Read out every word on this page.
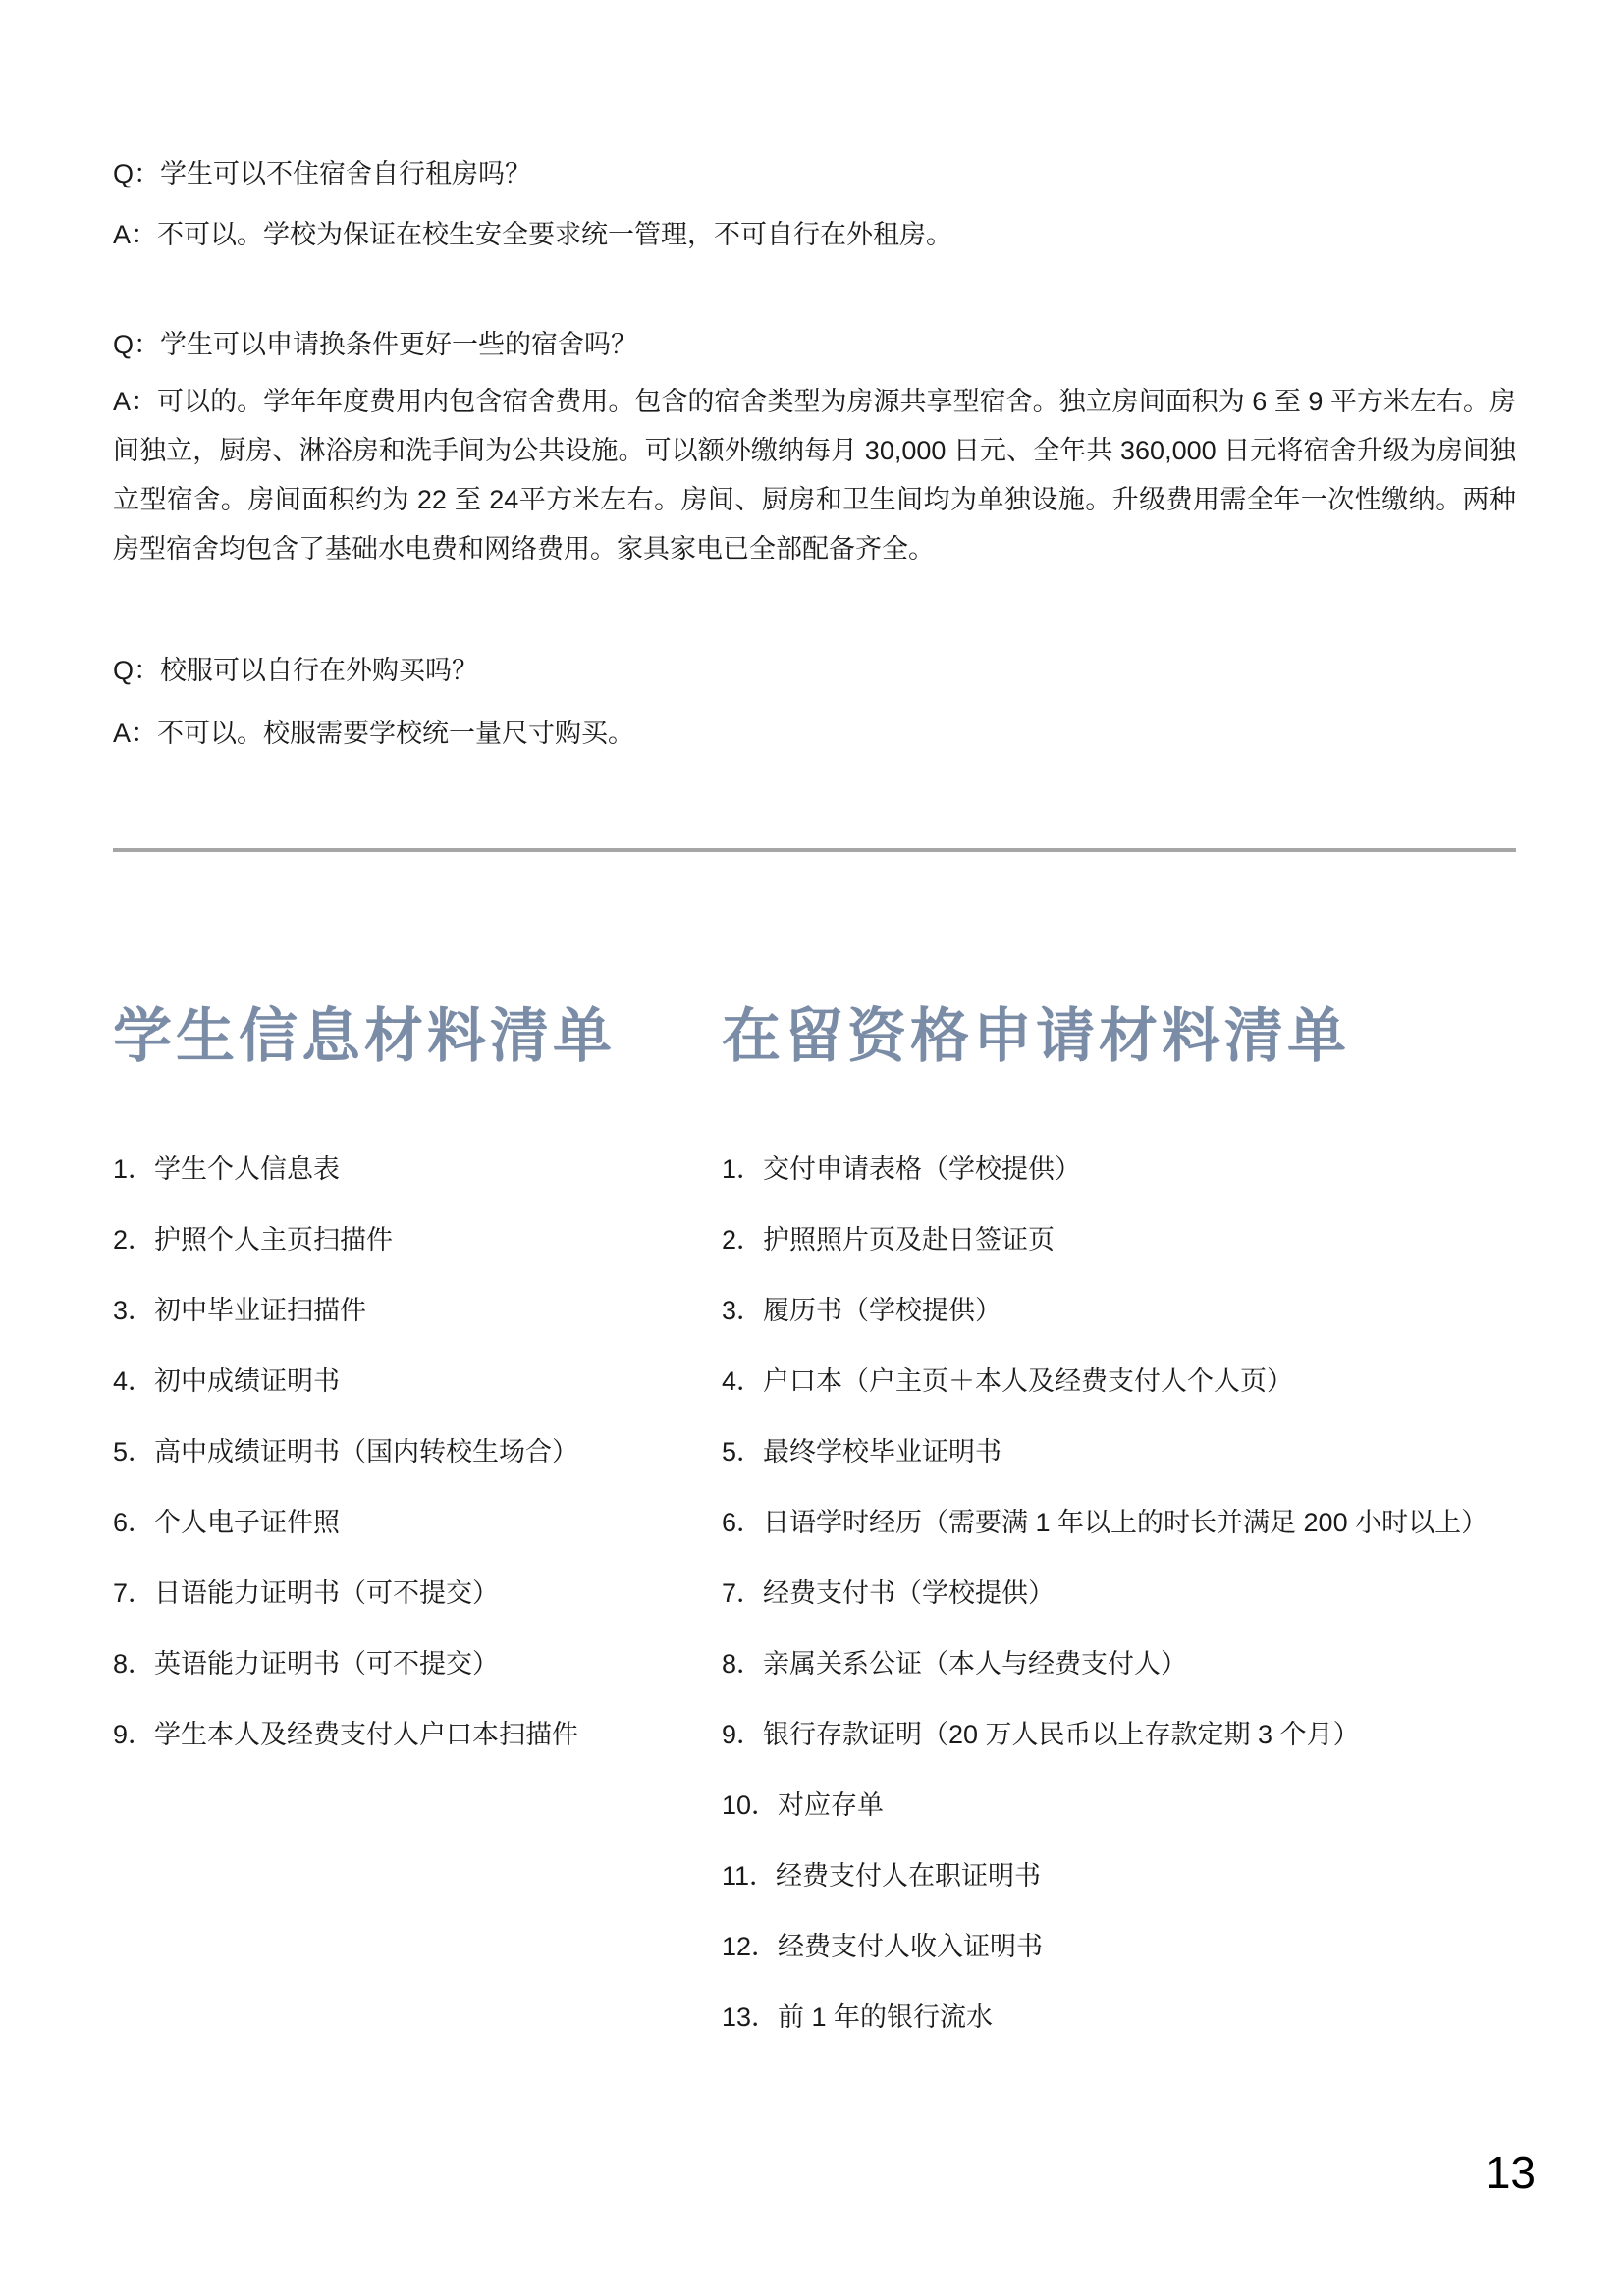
Q：学生可以不住宿舍自行租房吗？

A：不可以。学校为保证在校生安全要求统一管理，不可自行在外租房。

Q：学生可以申请换条件更好一些的宿舍吗？

A：可以的。学年年度费用内包含宿舍费用。包含的宿舍类型为房源共享型宿舍。独立房间面积为 6 至 9 平方米左右。房间独立，厨房、淋浴房和洗手间为公共设施。可以额外缴纳每月 30,000 日元、全年共 360,000 日元将宿舍升级为房间独立型宿舍。房间面积约为 22 至 24平方米左右。房间、厨房和卫生间均为单独设施。升级费用需全年一次性缴纳。两种房型宿舍均包含了基础水电费和网络费用。家具家电已全部配备齐全。

Q：校服可以自行在外购买吗？

A：不可以。校服需要学校统一量尺寸购买。

学生信息材料清单
1．学生个人信息表
2．护照个人主页扫描件
3．初中毕业证扫描件
4．初中成绩证明书
5．高中成绩证明书（国内转校生场合）
6．个人电子证件照
7．日语能力证明书（可不提交）
8．英语能力证明书（可不提交）
9．学生本人及经费支付人户口本扫描件
在留资格申请材料清单
1．交付申请表格（学校提供）
2．护照照片页及赴日签证页
3．履历书（学校提供）
4．户口本（户主页＋本人及经费支付人个人页）
5．最终学校毕业证明书
6．日语学时经历（需要满 1 年以上的时长并满足 200 小时以上）
7．经费支付书（学校提供）
8．亲属关系公证（本人与经费支付人）
9．银行存款证明（20 万人民币以上存款定期 3 个月）
10．对应存单
11．经费支付人在职证明书
12．经费支付人收入证明书
13．前 1 年的银行流水
13
